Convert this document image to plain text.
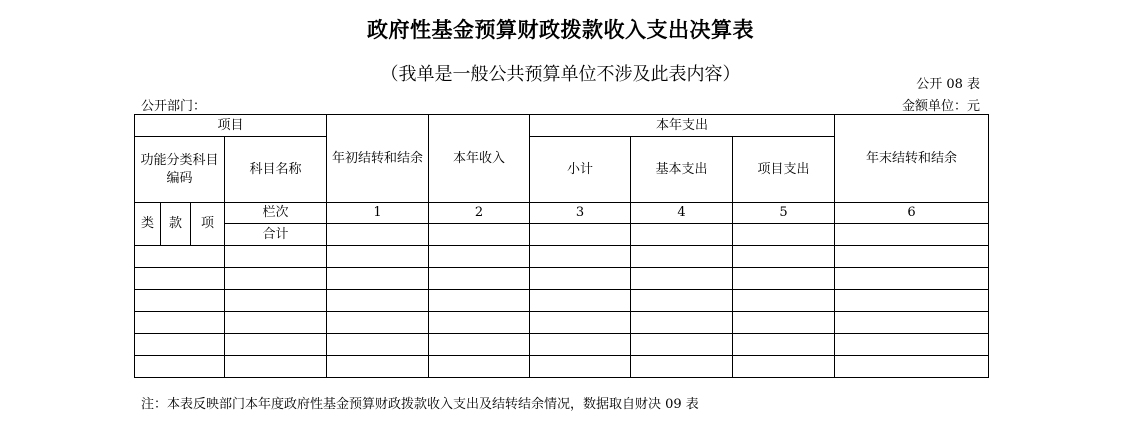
政府性基金预算财政拨款收入支出决算表
（我单是一般公共预算单位不涉及此表内容）	公开 08 表
公开部门：	金额单位：元
项目				年初结转和结余	本年收入	本年支出			年末结转和结余
功能分类科目编码			科目名称			小计	基本支出	项目支出	
类	款	项	栏次	1	2	3	4	5	6
			合计						

注：本表反映部门本年度政府性基金预算财政拨款收入支出及结转结余情况，数据取自财决 09 表
